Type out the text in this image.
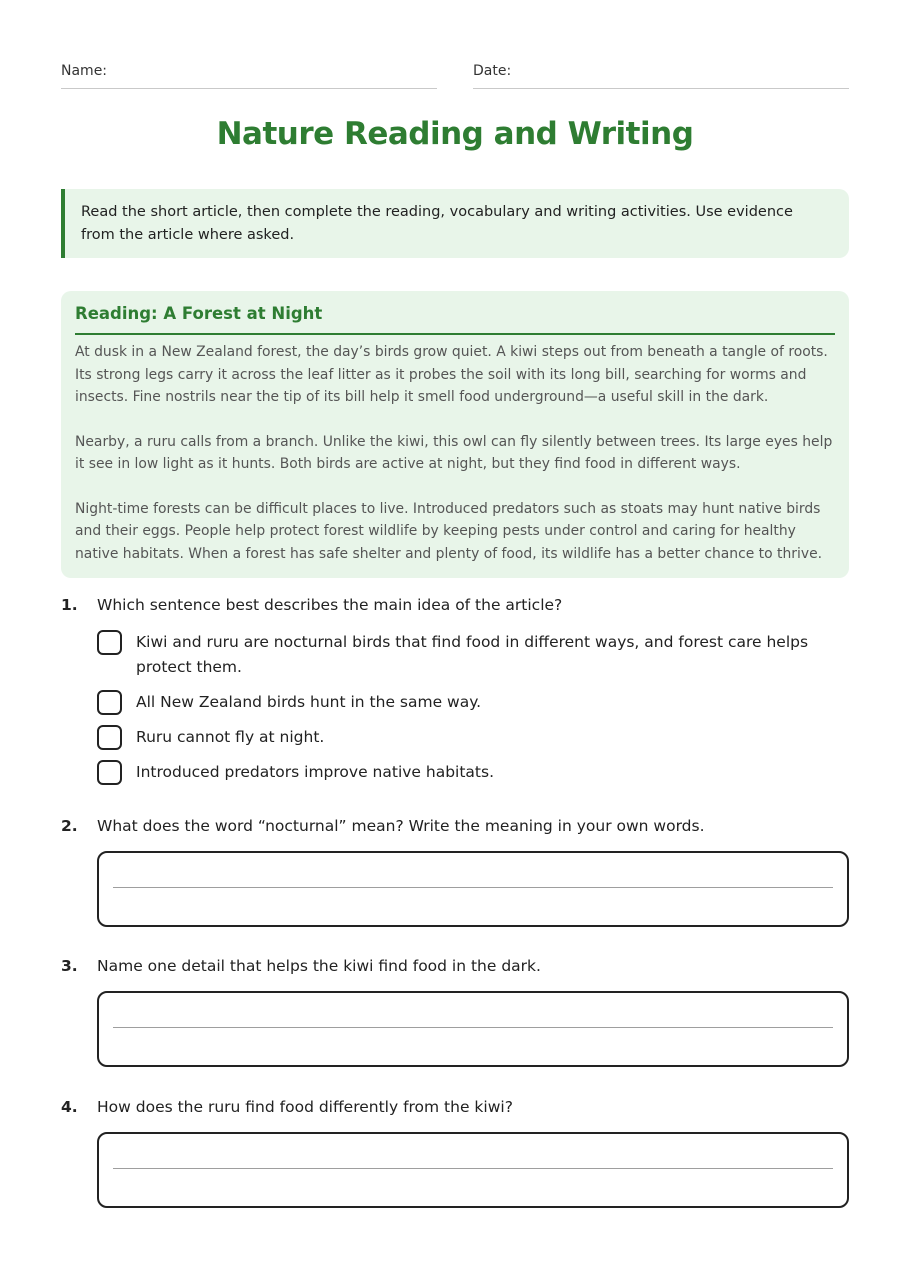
Name:	Date:
Nature Reading and Writing
Read the short article, then complete the reading, vocabulary and writing activities. Use evidence from the article where asked.
Reading: A Forest at Night

At dusk in a New Zealand forest, the day’s birds grow quiet. A kiwi steps out from beneath a tangle of roots. Its strong legs carry it across the leaf litter as it probes the soil with its long bill, searching for worms and insects. Fine nostrils near the tip of its bill help it smell food underground—a useful skill in the dark.

Nearby, a ruru calls from a branch. Unlike the kiwi, this owl can fly silently between trees. Its large eyes help it see in low light as it hunts. Both birds are active at night, but they find food in different ways.

Night-time forests can be difficult places to live. Introduced predators such as stoats may hunt native birds and their eggs. People help protect forest wildlife by keeping pests under control and caring for healthy native habitats. When a forest has safe shelter and plenty of food, its wildlife has a better chance to thrive.

1.	Which sentence best describes the main idea of the article?
Kiwi and ruru are nocturnal birds that find food in different ways, and forest care helps protect them.
All New Zealand birds hunt in the same way.
Ruru cannot fly at night.
Introduced predators improve native habitats.
2.	What does the word “nocturnal” mean? Write the meaning in your own words.
3.	Name one detail that helps the kiwi find food in the dark.
4.	How does the ruru find food differently from the kiwi?
